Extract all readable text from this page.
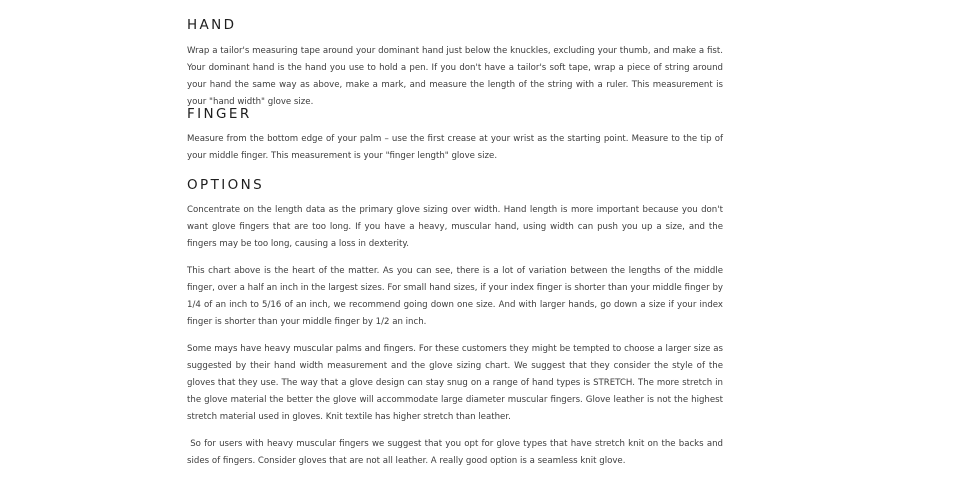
HAND

Wrap a tailor's measuring tape around your dominant hand just below the knuckles, excluding your thumb, and make a fist. Your dominant hand is the hand you use to hold a pen. If you don't have a tailor's soft tape, wrap a piece of string around your hand the same way as above, make a mark, and measure the length of the string with a ruler. This measurement is your "hand width" glove size.

FINGER

Measure from the bottom edge of your palm – use the first crease at your wrist as the starting point. Measure to the tip of your middle finger. This measurement is your "finger length" glove size.

OPTIONS

Concentrate on the length data as the primary glove sizing over width. Hand length is more important because you don't want glove fingers that are too long. If you have a heavy, muscular hand, using width can push you up a size, and the fingers may be too long, causing a loss in dexterity.

This chart above is the heart of the matter. As you can see, there is a lot of variation between the lengths of the middle finger, over a half an inch in the largest sizes. For small hand sizes, if your index finger is shorter than your middle finger by 1/4 of an inch to 5/16 of an inch, we recommend going down one size. And with larger hands, go down a size if your index finger is shorter than your middle finger by 1/2 an inch.

Some mays have heavy muscular palms and fingers. For these customers they might be tempted to choose a larger size as suggested by their hand width measurement and the glove sizing chart. We suggest that they consider the style of the gloves that they use. The way that a glove design can stay snug on a range of hand types is STRETCH. The more stretch in the glove material the better the glove will accommodate large diameter muscular fingers. Glove leather is not the highest stretch material used in gloves. Knit textile has higher stretch than leather.

So for users with heavy muscular fingers we suggest that you opt for glove types that have stretch knit on the backs and sides of fingers. Consider gloves that are not all leather. A really good option is a seamless knit glove.
